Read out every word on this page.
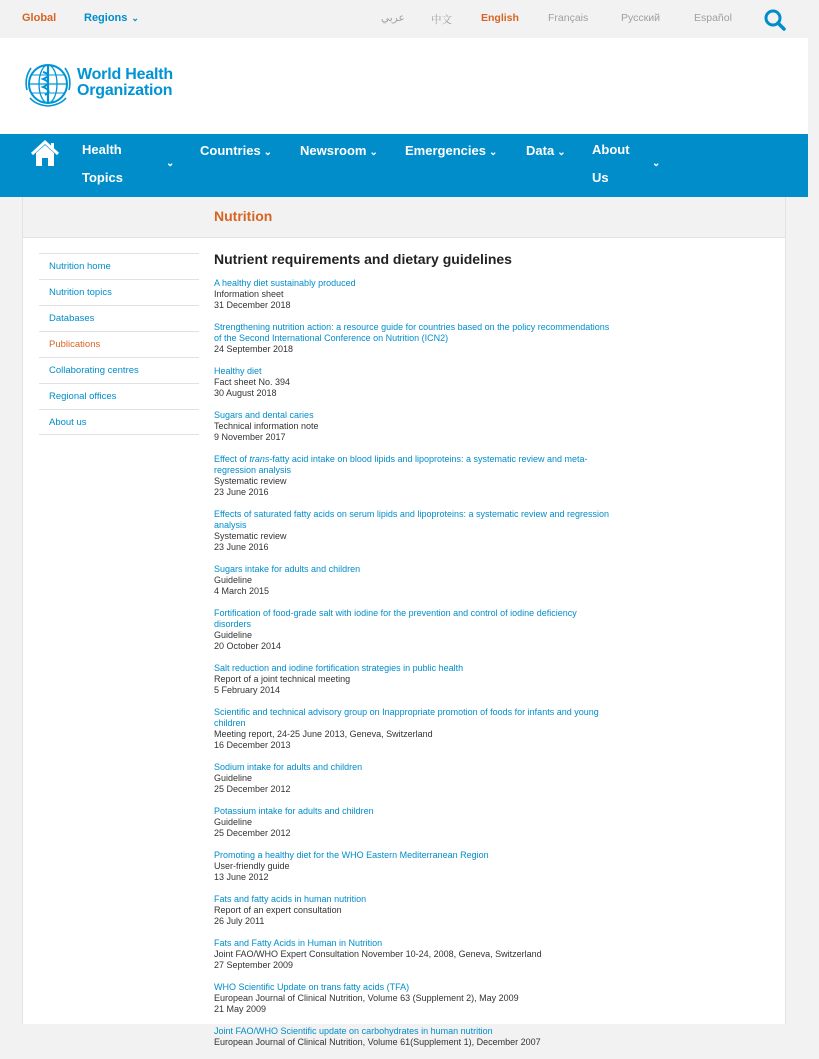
Global	Regions ⌄	عربي	中文	English	Français	Русский	Español
World Health
Organization
Health
Topics
⌄
Countries ⌄ Newsroom ⌄ Emergencies ⌄ Data ⌄ About
Us
⌄
Nutrition
Nutrition home
Nutrition topics
Databases
Publications
Collaborating centres
Regional offices
About us
Nutrient requirements and dietary guidelines
A healthy diet sustainably produced
Information sheet
31 December 2018
Strengthening nutrition action: a resource guide for countries based on the policy recommendations of the Second International Conference on Nutrition (ICN2)
24 September 2018
Healthy diet
Fact sheet No. 394
30 August 2018
Sugars and dental caries
Technical information note
9 November 2017
Effect of trans-fatty acid intake on blood lipids and lipoproteins: a systematic review and meta-regression analysis
Systematic review
23 June 2016
Effects of saturated fatty acids on serum lipids and lipoproteins: a systematic review and regression analysis
Systematic review
23 June 2016
Sugars intake for adults and children
Guideline
4 March 2015
Fortification of food-grade salt with iodine for the prevention and control of iodine deficiency disorders
Guideline
20 October 2014
Salt reduction and iodine fortification strategies in public health
Report of a joint technical meeting
5 February 2014
Scientific and technical advisory group on Inappropriate promotion of foods for infants and young children
Meeting report, 24-25 June 2013, Geneva, Switzerland
16 December 2013
Sodium intake for adults and children
Guideline
25 December 2012
Potassium intake for adults and children
Guideline
25 December 2012
Promoting a healthy diet for the WHO Eastern Mediterranean Region
User-friendly guide
13 June 2012
Fats and fatty acids in human nutrition
Report of an expert consultation
26 July 2011
Fats and Fatty Acids in Human in Nutrition
Joint FAO/WHO Expert Consultation November 10-24, 2008, Geneva, Switzerland
27 September 2009
WHO Scientific Update on trans fatty acids (TFA)
European Journal of Clinical Nutrition, Volume 63 (Supplement 2), May 2009
21 May 2009
Joint FAO/WHO Scientific update on carbohydrates in human nutrition
European Journal of Clinical Nutrition, Volume 61(Supplement 1), December 2007
